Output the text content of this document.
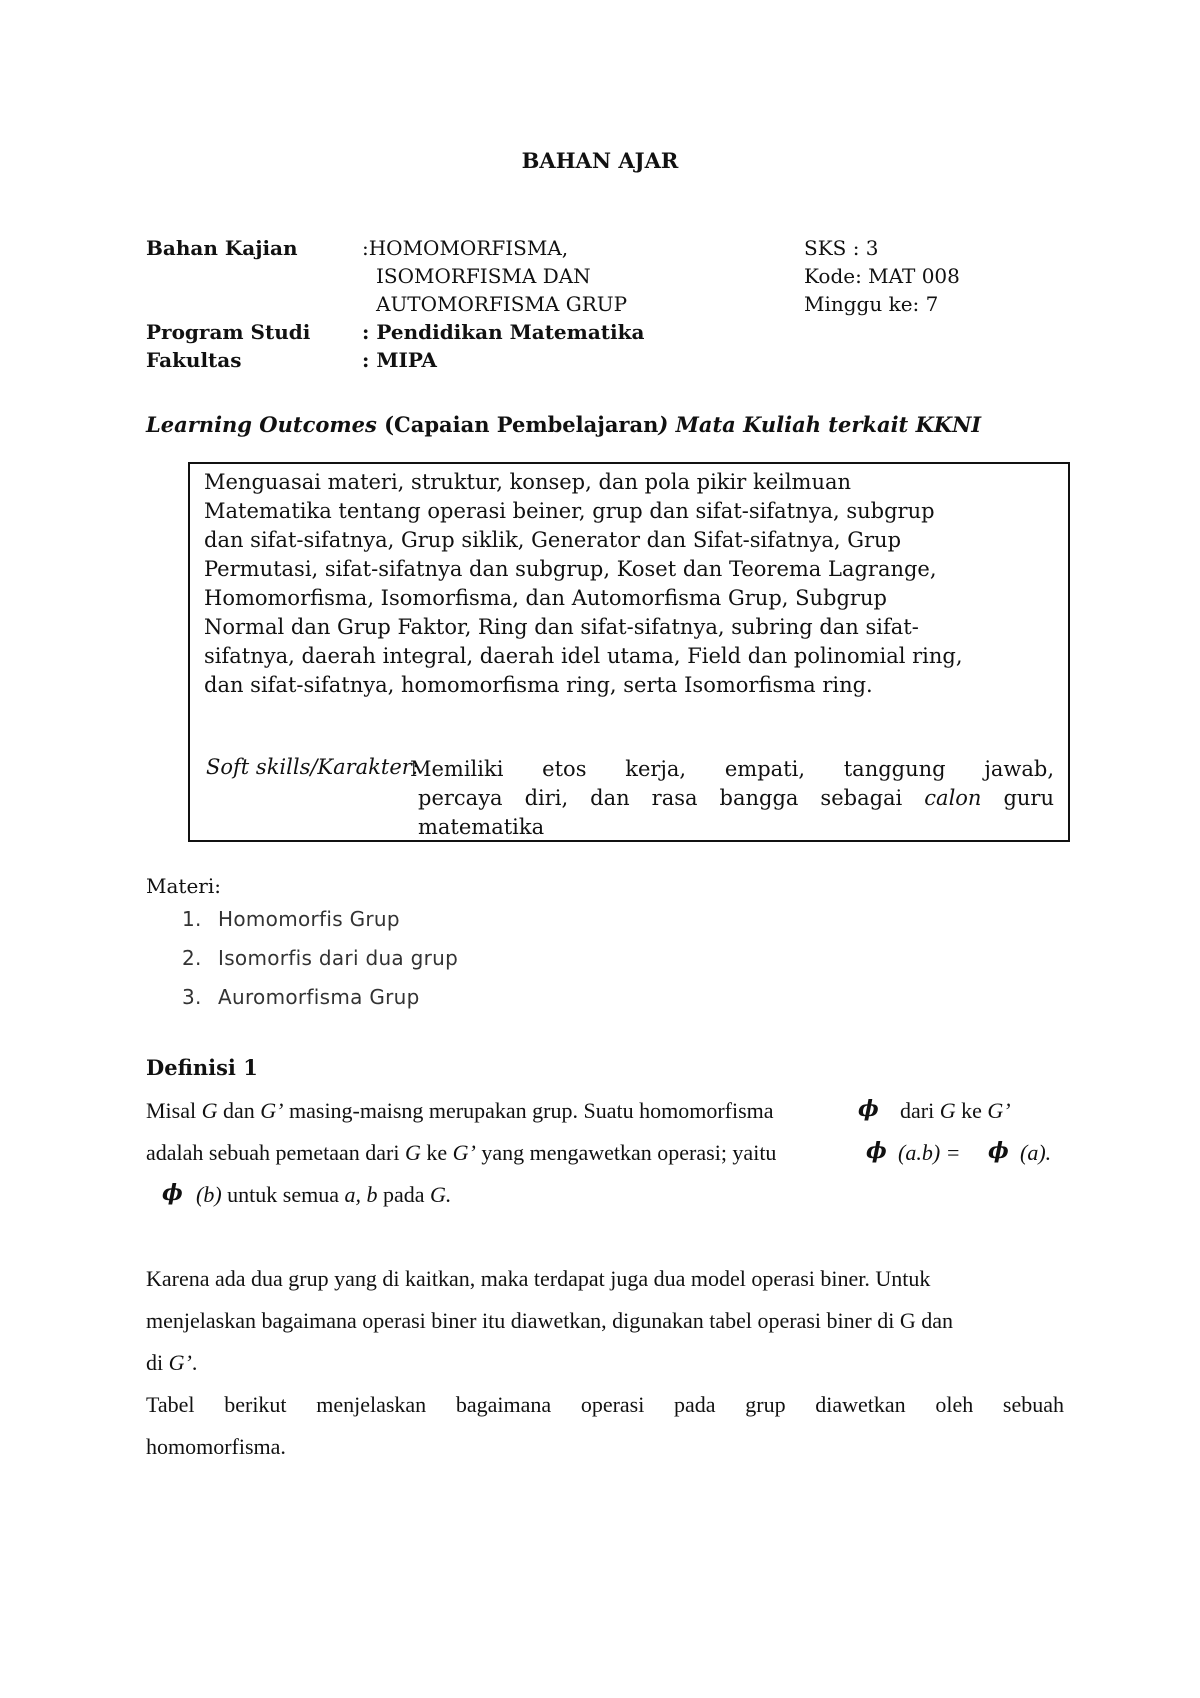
BAHAN AJAR
Bahan Kajian	:HOMOMORFISMA,
ISOMORFISMA DAN
AUTOMORFISMA GRUP
SKS : 3
Kode: MAT 008
Minggu ke: 7
Program Studi	: Pendidikan Matematika
Fakultas	: MIPA
Learning Outcomes (Capaian Pembelajaran) Mata Kuliah terkait KKNI
Menguasai materi, struktur, konsep, dan pola pikir keilmuan
Matematika tentang operasi beiner, grup dan sifat-sifatnya, subgrup
dan sifat-sifatnya, Grup siklik, Generator dan Sifat-sifatnya, Grup
Permutasi, sifat-sifatnya dan subgrup, Koset dan Teorema Lagrange,
Homomorfisma, Isomorfisma, dan Automorfisma Grup, Subgrup
Normal dan Grup Faktor, Ring dan sifat-sifatnya, subring dan sifat-
sifatnya, daerah integral, daerah idel utama, Field dan polinomial ring,
dan sifat-sifatnya, homomorfisma ring, serta Isomorfisma ring.
Soft skills/Karakter:
Memiliki etos kerja, empati, tanggung jawab,
percaya diri, dan rasa bangga sebagai calon guru
matematika
Materi:
1. Homomorfis Grup
2. Isomorfis dari dua grup
3. Auromorfisma Grup
Definisi 1
Misal G dan G’ masing-maisng merupakan grup. Suatu homomorfisma	ϕ dari G ke G’
adalah sebuah pemetaan dari G ke G’ yang mengawetkan operasi; yaitu	ϕ (a.b) = ϕ (a).
ϕ (b) untuk semua a, b pada G.
Karena ada dua grup yang di kaitkan, maka terdapat juga dua model operasi biner. Untuk
menjelaskan bagaimana operasi biner itu diawetkan, digunakan tabel operasi biner di G dan
di G’.
Tabel berikut menjelaskan bagaimana operasi pada grup diawetkan oleh sebuah
homomorfisma.
